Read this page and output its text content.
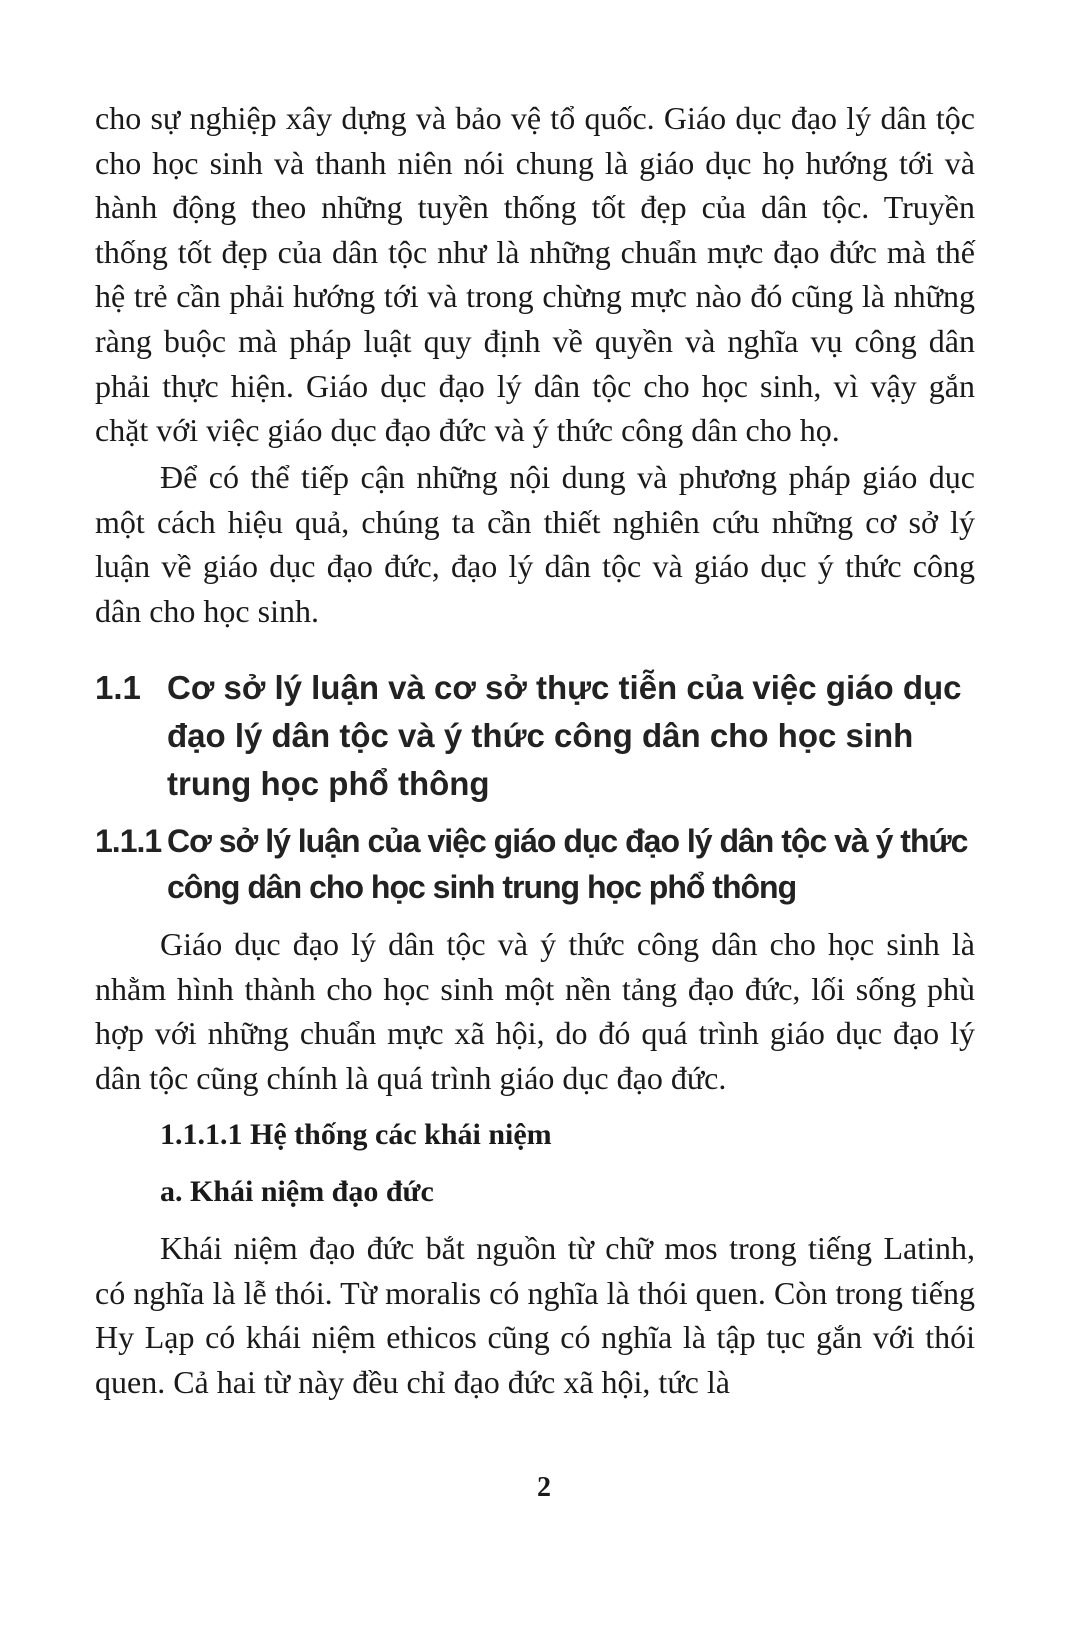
cho sự nghiệp xây dựng và bảo vệ tổ quốc. Giáo dục đạo lý dân tộc cho học sinh và thanh niên nói chung là giáo dục họ hướng tới và hành động theo những tuyền thống tốt đẹp của dân tộc. Truyền thống tốt đẹp của dân tộc như là những chuẩn mực đạo đức mà thế hệ trẻ cần phải hướng tới và trong chừng mực nào đó cũng là những ràng buộc mà pháp luật quy định về quyền và nghĩa vụ công dân phải thực hiện. Giáo dục đạo lý dân tộc cho học sinh, vì vậy gắn chặt với việc giáo dục đạo đức và ý thức công dân cho họ.

Để có thể tiếp cận những nội dung và phương pháp giáo dục một cách hiệu quả, chúng ta cần thiết nghiên cứu những cơ sở lý luận về giáo dục đạo đức, đạo lý dân tộc và giáo dục ý thức công dân cho học sinh.

1.1 Cơ sở lý luận và cơ sở thực tiễn của việc giáo dục đạo lý dân tộc và ý thức công dân cho học sinh trung học phổ thông
1.1.1 Cơ sở lý luận của việc giáo dục đạo lý dân tộc và ý thức công dân cho học sinh trung học phổ thông

Giáo dục đạo lý dân tộc và ý thức công dân cho học sinh là nhằm hình thành cho học sinh một nền tảng đạo đức, lối sống phù hợp với những chuẩn mực xã hội, do đó quá trình giáo dục đạo lý dân tộc cũng chính là quá trình giáo dục đạo đức.

1.1.1.1 Hệ thống các khái niệm
a. Khái niệm đạo đức

Khái niệm đạo đức bắt nguồn từ chữ mos trong tiếng Latinh, có nghĩa là lễ thói. Từ moralis có nghĩa là thói quen. Còn trong tiếng Hy Lạp có khái niệm ethicos cũng có nghĩa là tập tục gắn với thói quen. Cả hai từ này đều chỉ đạo đức xã hội, tức là

2
